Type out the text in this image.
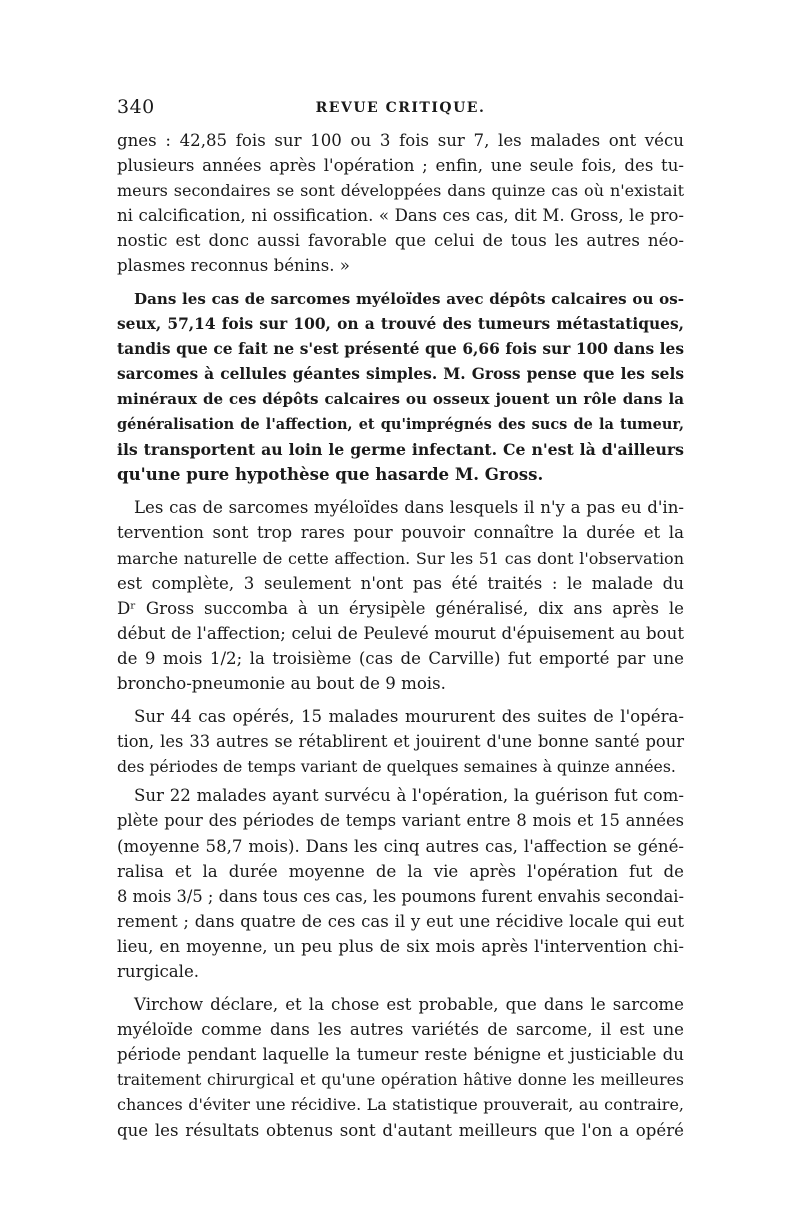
340	REVUE CRITIQUE.

gnes : 42,85 fois sur 100 ou 3 fois sur 7, les malades ont vécu

plusieurs années après l'opération ; enfin, une seule fois, des tu-

meurs secondaires se sont développées dans quinze cas où n'existait

ni calcification, ni ossification. « Dans ces cas, dit M. Gross, le pro-

nostic est donc aussi favorable que celui de tous les autres néo-

plasmes reconnus bénins. »

Dans les cas de sarcomes myéloïdes avec dépôts calcaires ou os-

seux, 57,14 fois sur 100, on a trouvé des tumeurs métastatiques,

tandis que ce fait ne s'est présenté que 6,66 fois sur 100 dans les

sarcomes à cellules géantes simples. M. Gross pense que les sels

minéraux de ces dépôts calcaires ou osseux jouent un rôle dans la

généralisation de l'affection, et qu'imprégnés des sucs de la tumeur,

ils transportent au loin le germe infectant. Ce n'est là d'ailleurs

qu'une pure hypothèse que hasarde M. Gross.

Les cas de sarcomes myéloïdes dans lesquels il n'y a pas eu d'in-

tervention sont trop rares pour pouvoir connaître la durée et la

marche naturelle de cette affection. Sur les 51 cas dont l'observation

est complète, 3 seulement n'ont pas été traités : le malade du

Dʳ Gross succomba à un érysipèle généralisé, dix ans après le

début de l'affection; celui de Peulevé mourut d'épuisement au bout

de 9 mois 1/2; la troisième (cas de Carville) fut emporté par une

broncho-pneumonie au bout de 9 mois.

Sur 44 cas opérés, 15 malades moururent des suites de l'opéra-

tion, les 33 autres se rétablirent et jouirent d'une bonne santé pour

des périodes de temps variant de quelques semaines à quinze années.

Sur 22 malades ayant survécu à l'opération, la guérison fut com-

plète pour des périodes de temps variant entre 8 mois et 15 années

(moyenne 58,7 mois). Dans les cinq autres cas, l'affection se géné-

ralisa et la durée moyenne de la vie après l'opération fut de

8 mois 3/5 ; dans tous ces cas, les poumons furent envahis secondai-

rement ; dans quatre de ces cas il y eut une récidive locale qui eut

lieu, en moyenne, un peu plus de six mois après l'intervention chi-

rurgicale.

Virchow déclare, et la chose est probable, que dans le sarcome

myéloïde comme dans les autres variétés de sarcome, il est une

période pendant laquelle la tumeur reste bénigne et justiciable du

traitement chirurgical et qu'une opération hâtive donne les meilleures

chances d'éviter une récidive. La statistique prouverait, au contraire,

que les résultats obtenus sont d'autant meilleurs que l'on a opéré
